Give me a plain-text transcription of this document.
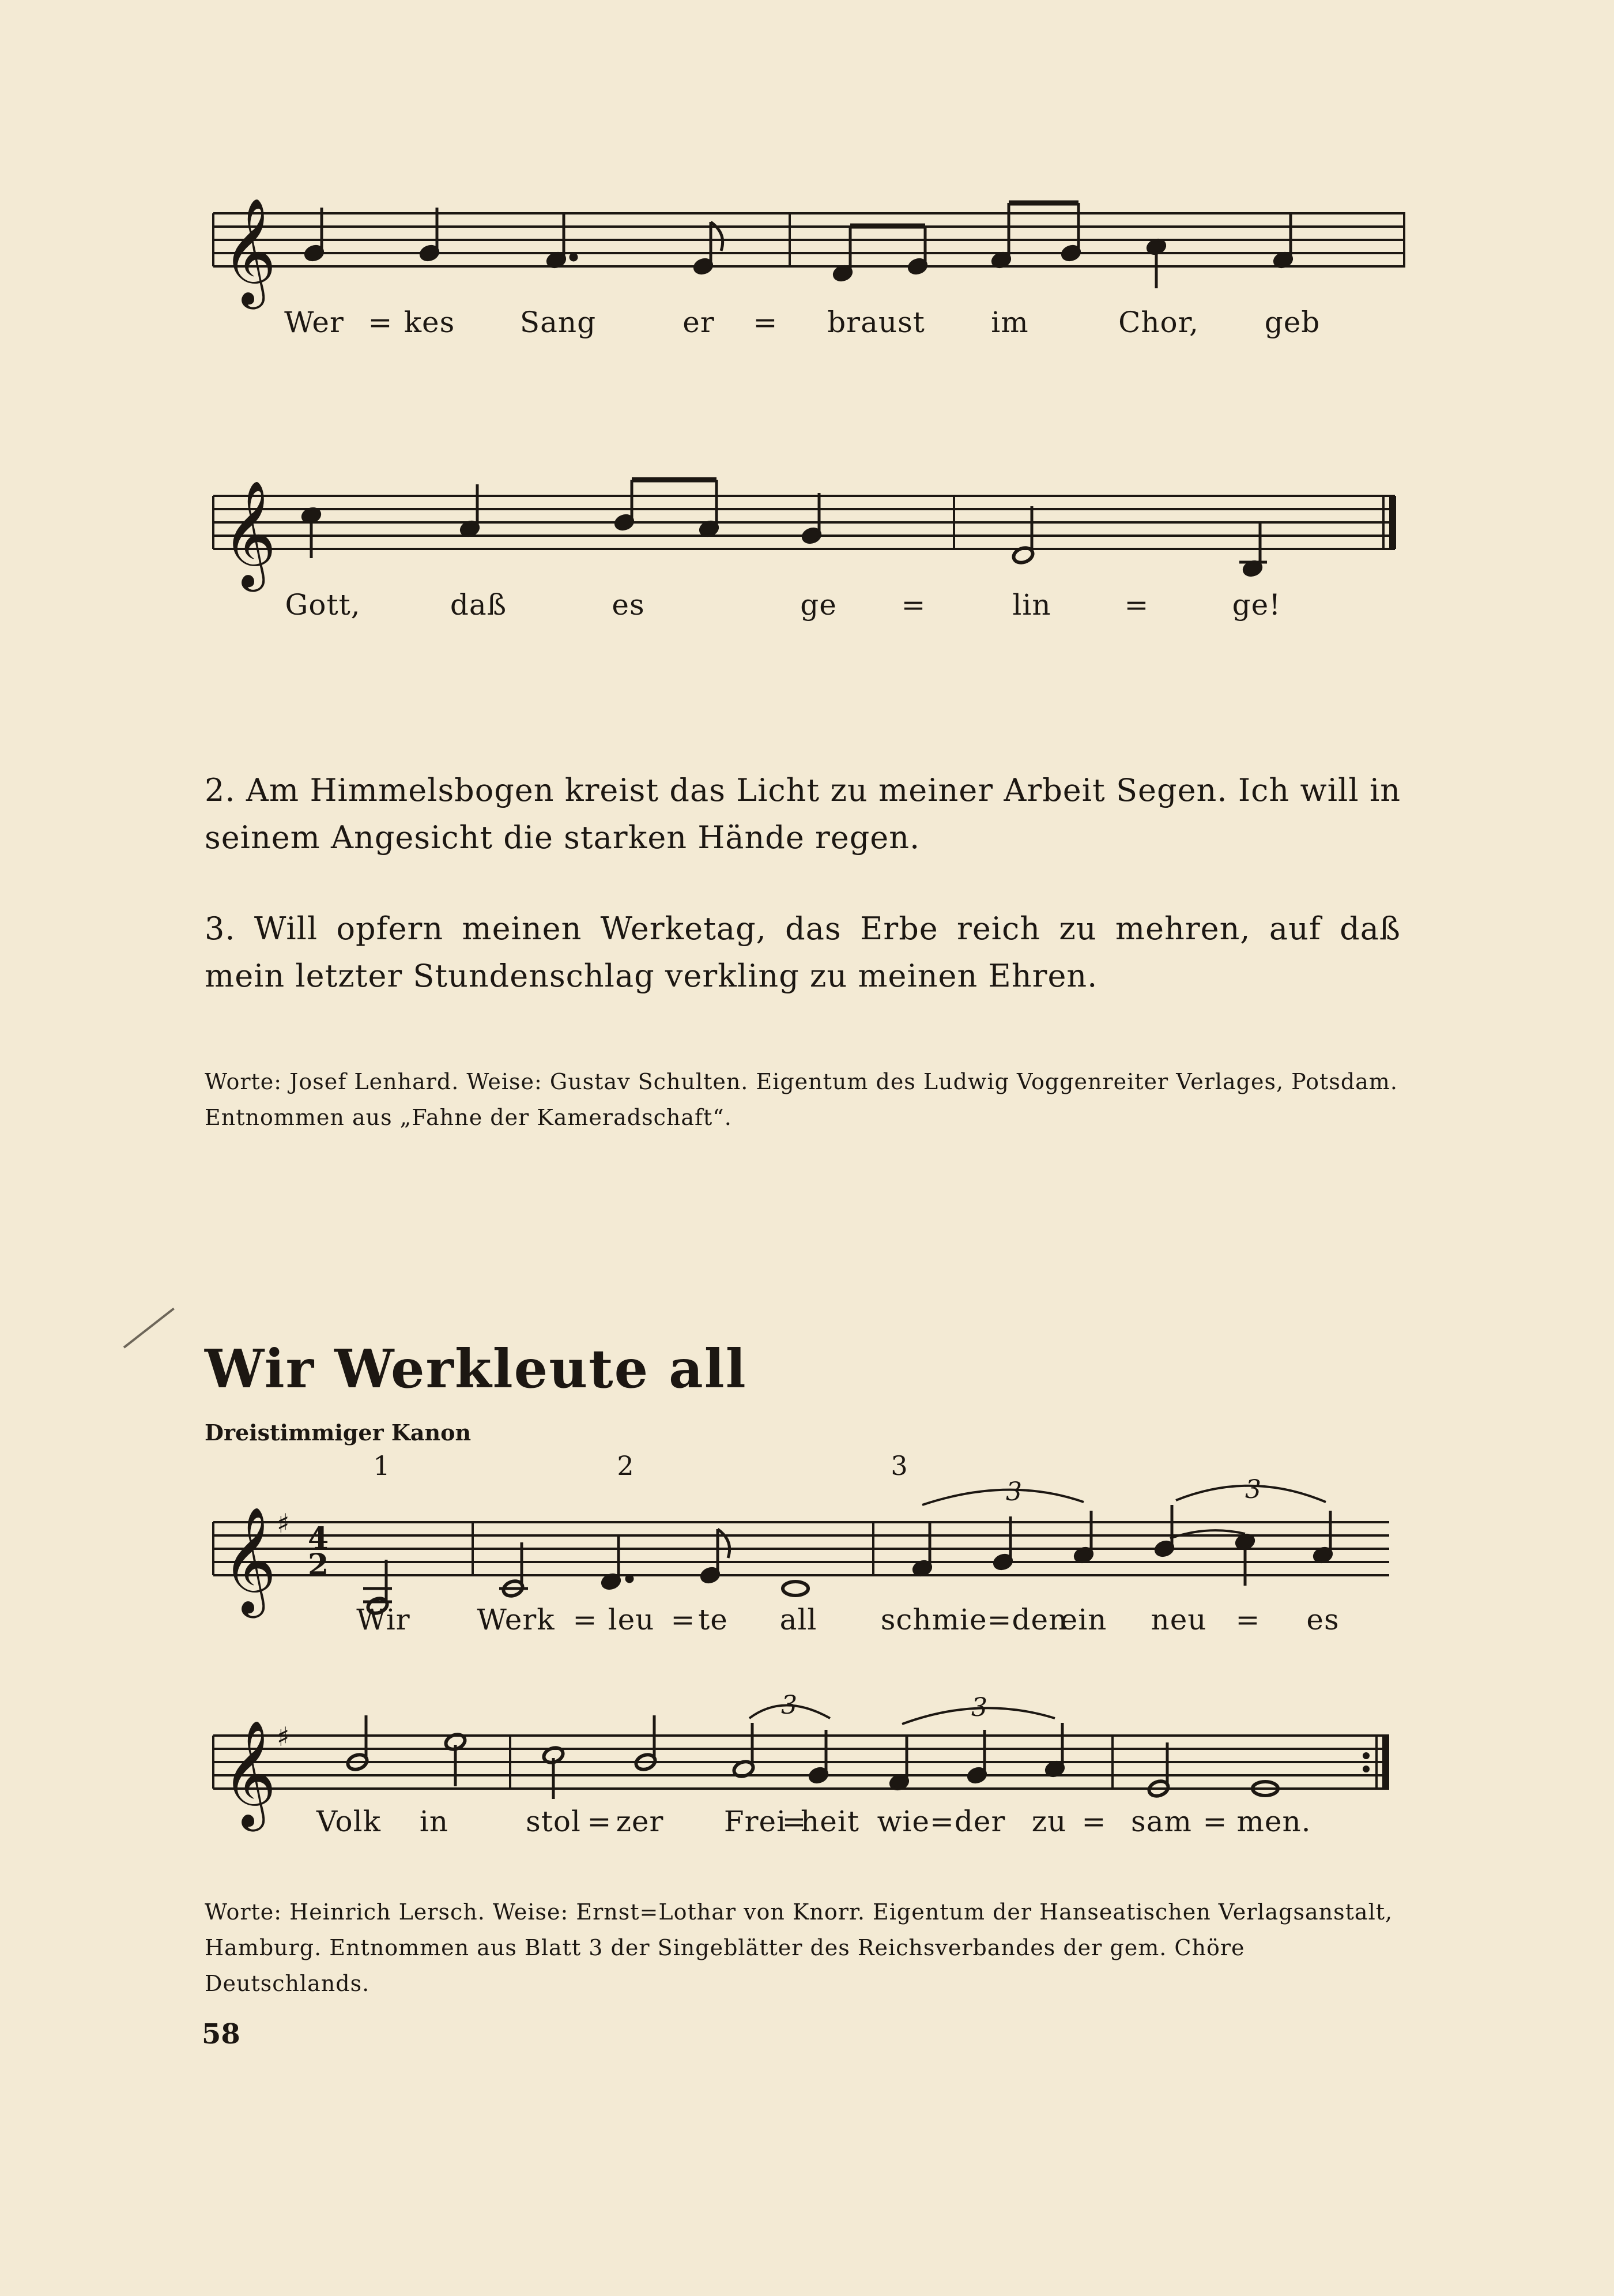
𝄞
Wer = kes Sang	er = braust im	Chor, geb
𝄞
Gott,	daß	es	ge =	lin	=	ge!
2. Am Himmelsbogen kreist das Licht zu meiner Arbeit Segen. Ich will in seinem Angesicht die starken Hände regen.
3. Will opfern meinen Werketag, das Erbe reich zu mehren, auf daß mein letzter Stundenschlag verkling zu meinen Ehren.
Worte: Josef Lenhard. Weise: Gustav Schulten. Eigentum des Ludwig Voggenreiter Verlages, Potsdam. Entnommen aus „Fahne der Kameradschaft“.
Wir Werkleute all
Dreistimmiger Kanon
1	2	3
𝄞 ♯ 4
2
3	3
Wir Werk = leu = te all schmie=den
ein neu = es
𝄞 ♯
3	3
Volk in	stol = zer Frei
=
heit wie=der zu = sam = men.
Worte: Heinrich Lersch. Weise: Ernst=Lothar von Knorr. Eigentum der Hanseatischen Verlagsanstalt, Hamburg. Entnommen aus Blatt 3 der Singeblätter des Reichsverbandes der gem. Chöre Deutschlands.
58
